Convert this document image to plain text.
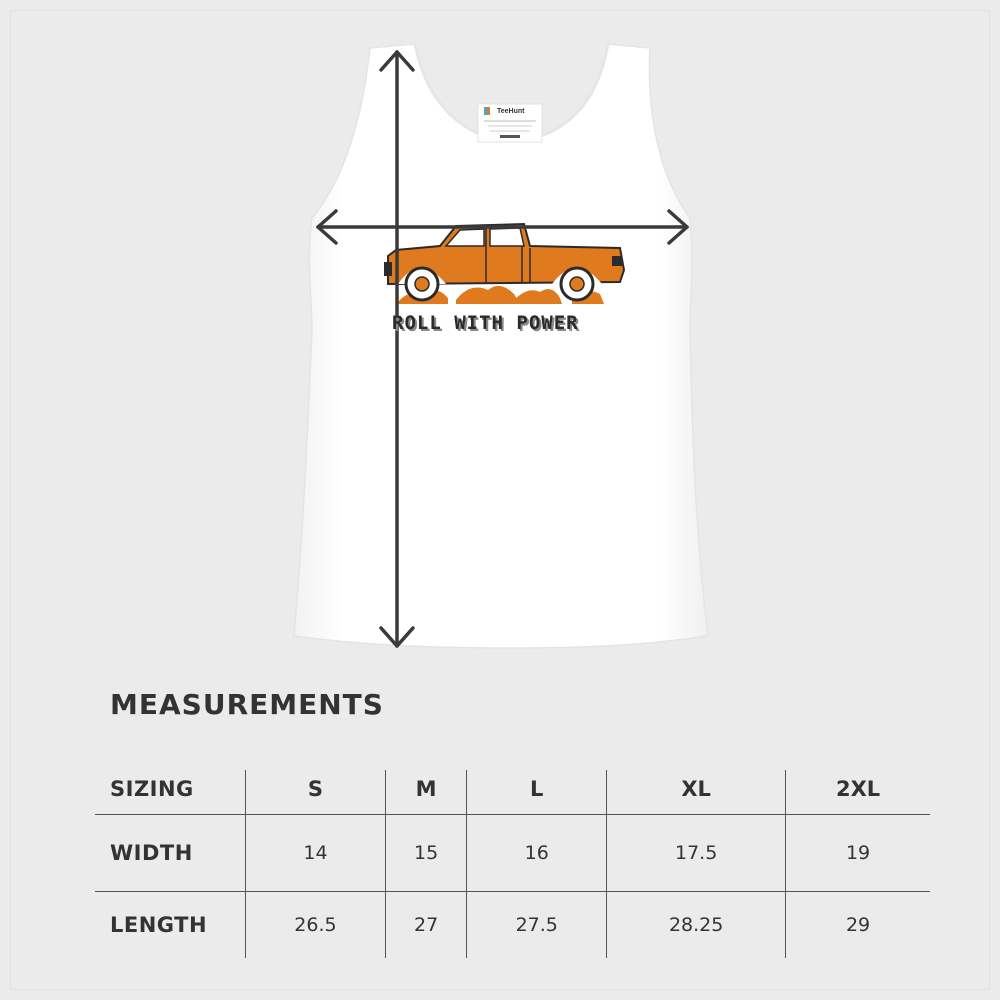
TeeHunt
ROLL WITH POWER
MEASUREMENTS
SIZING	S	M	L	XL	2XL
WIDTH	14	15	16	17.5	19
LENGTH	26.5	27	27.5	28.25	29
